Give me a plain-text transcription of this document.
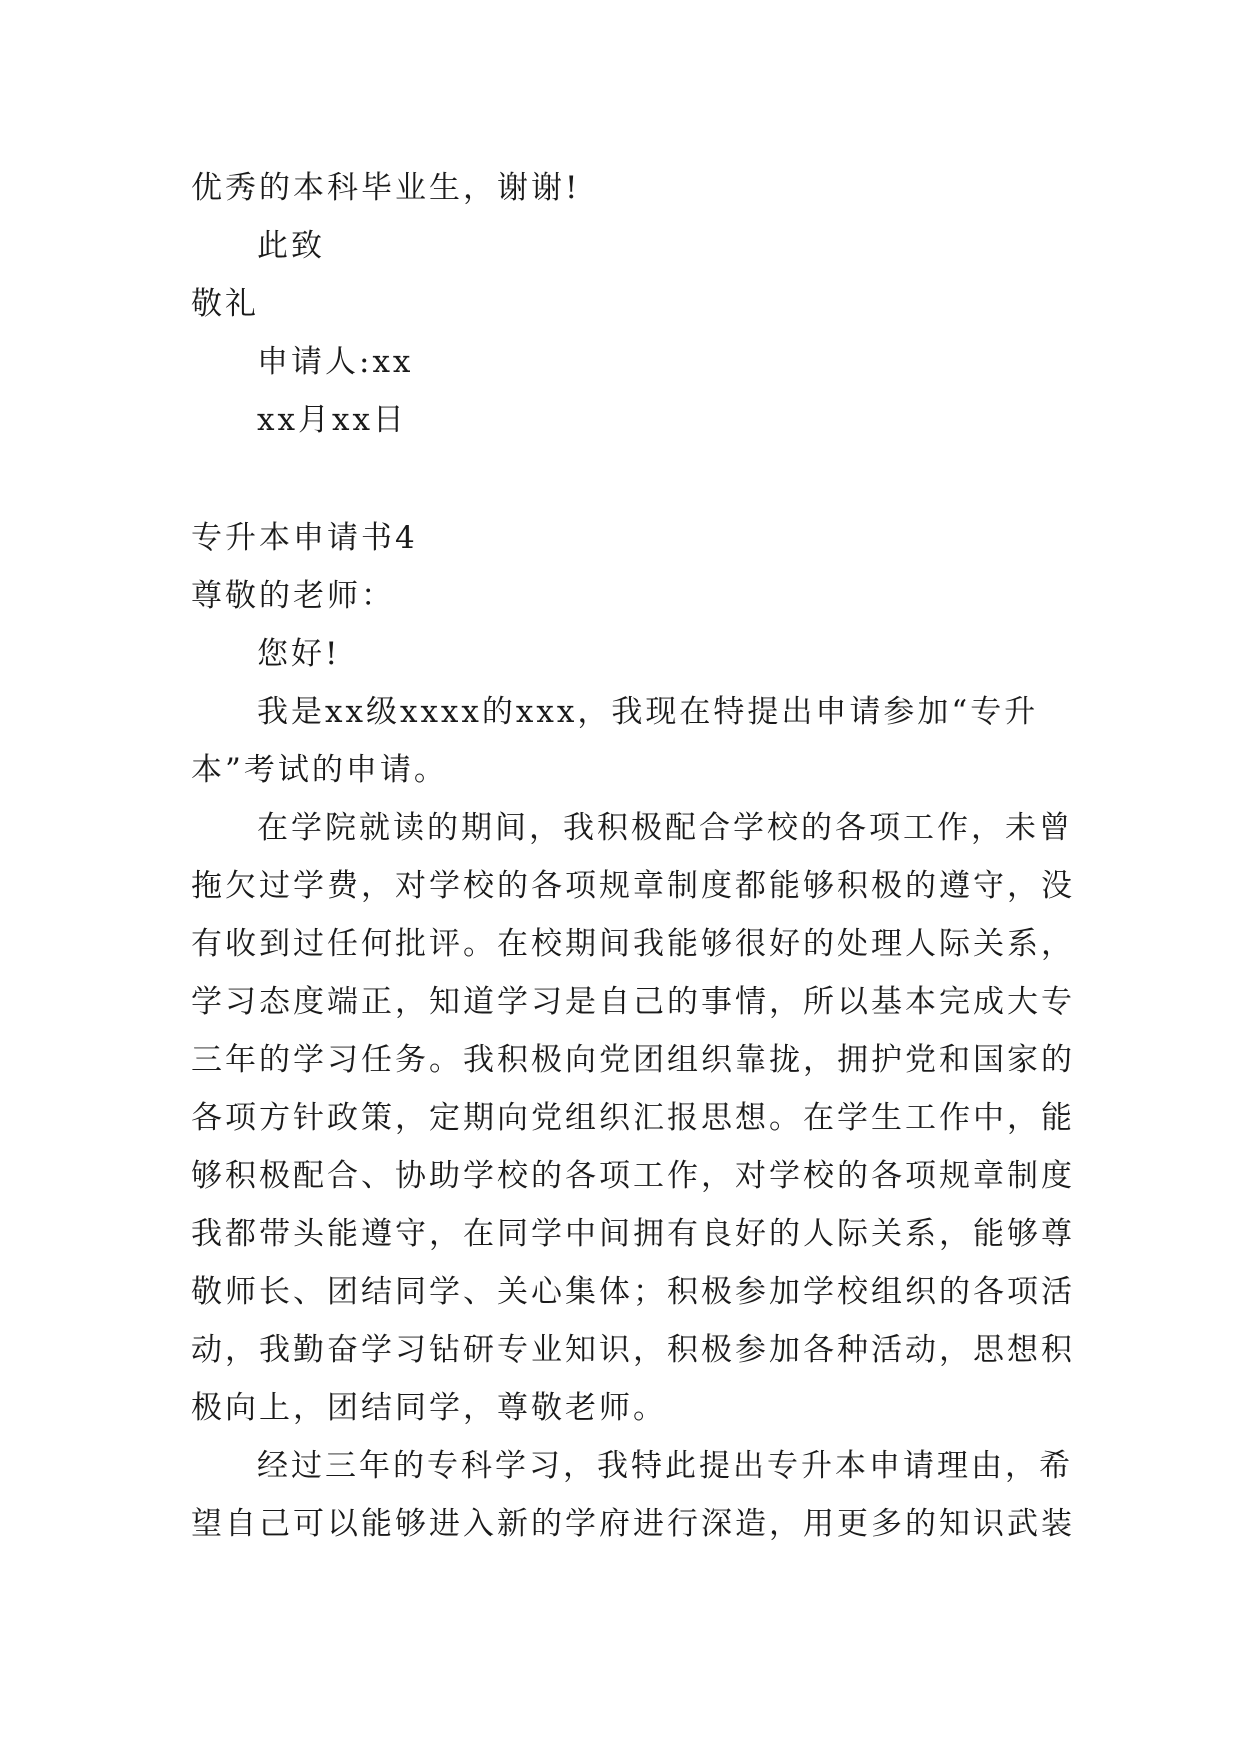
优秀的本科毕业生，谢谢!
此致
敬礼
申请人:xx
xx月xx日
专升本申请书4
尊敬的老师：
您好!
我是xx级xxxx的xxx，我现在特提出申请参加“专升
本”考试的申请。
在学院就读的期间，我积极配合学校的各项工作，未曾
拖欠过学费，对学校的各项规章制度都能够积极的遵守，没
有收到过任何批评。在校期间我能够很好的处理人际关系，
学习态度端正，知道学习是自己的事情，所以基本完成大专
三年的学习任务。我积极向党团组织靠拢，拥护党和国家的
各项方针政策，定期向党组织汇报思想。在学生工作中，能
够积极配合、协助学校的各项工作，对学校的各项规章制度
我都带头能遵守，在同学中间拥有良好的人际关系，能够尊
敬师长、团结同学、关心集体；积极参加学校组织的各项活
动，我勤奋学习钻研专业知识，积极参加各种活动，思想积
极向上，团结同学，尊敬老师。
经过三年的专科学习，我特此提出专升本申请理由，希
望自己可以能够进入新的学府进行深造，用更多的知识武装
